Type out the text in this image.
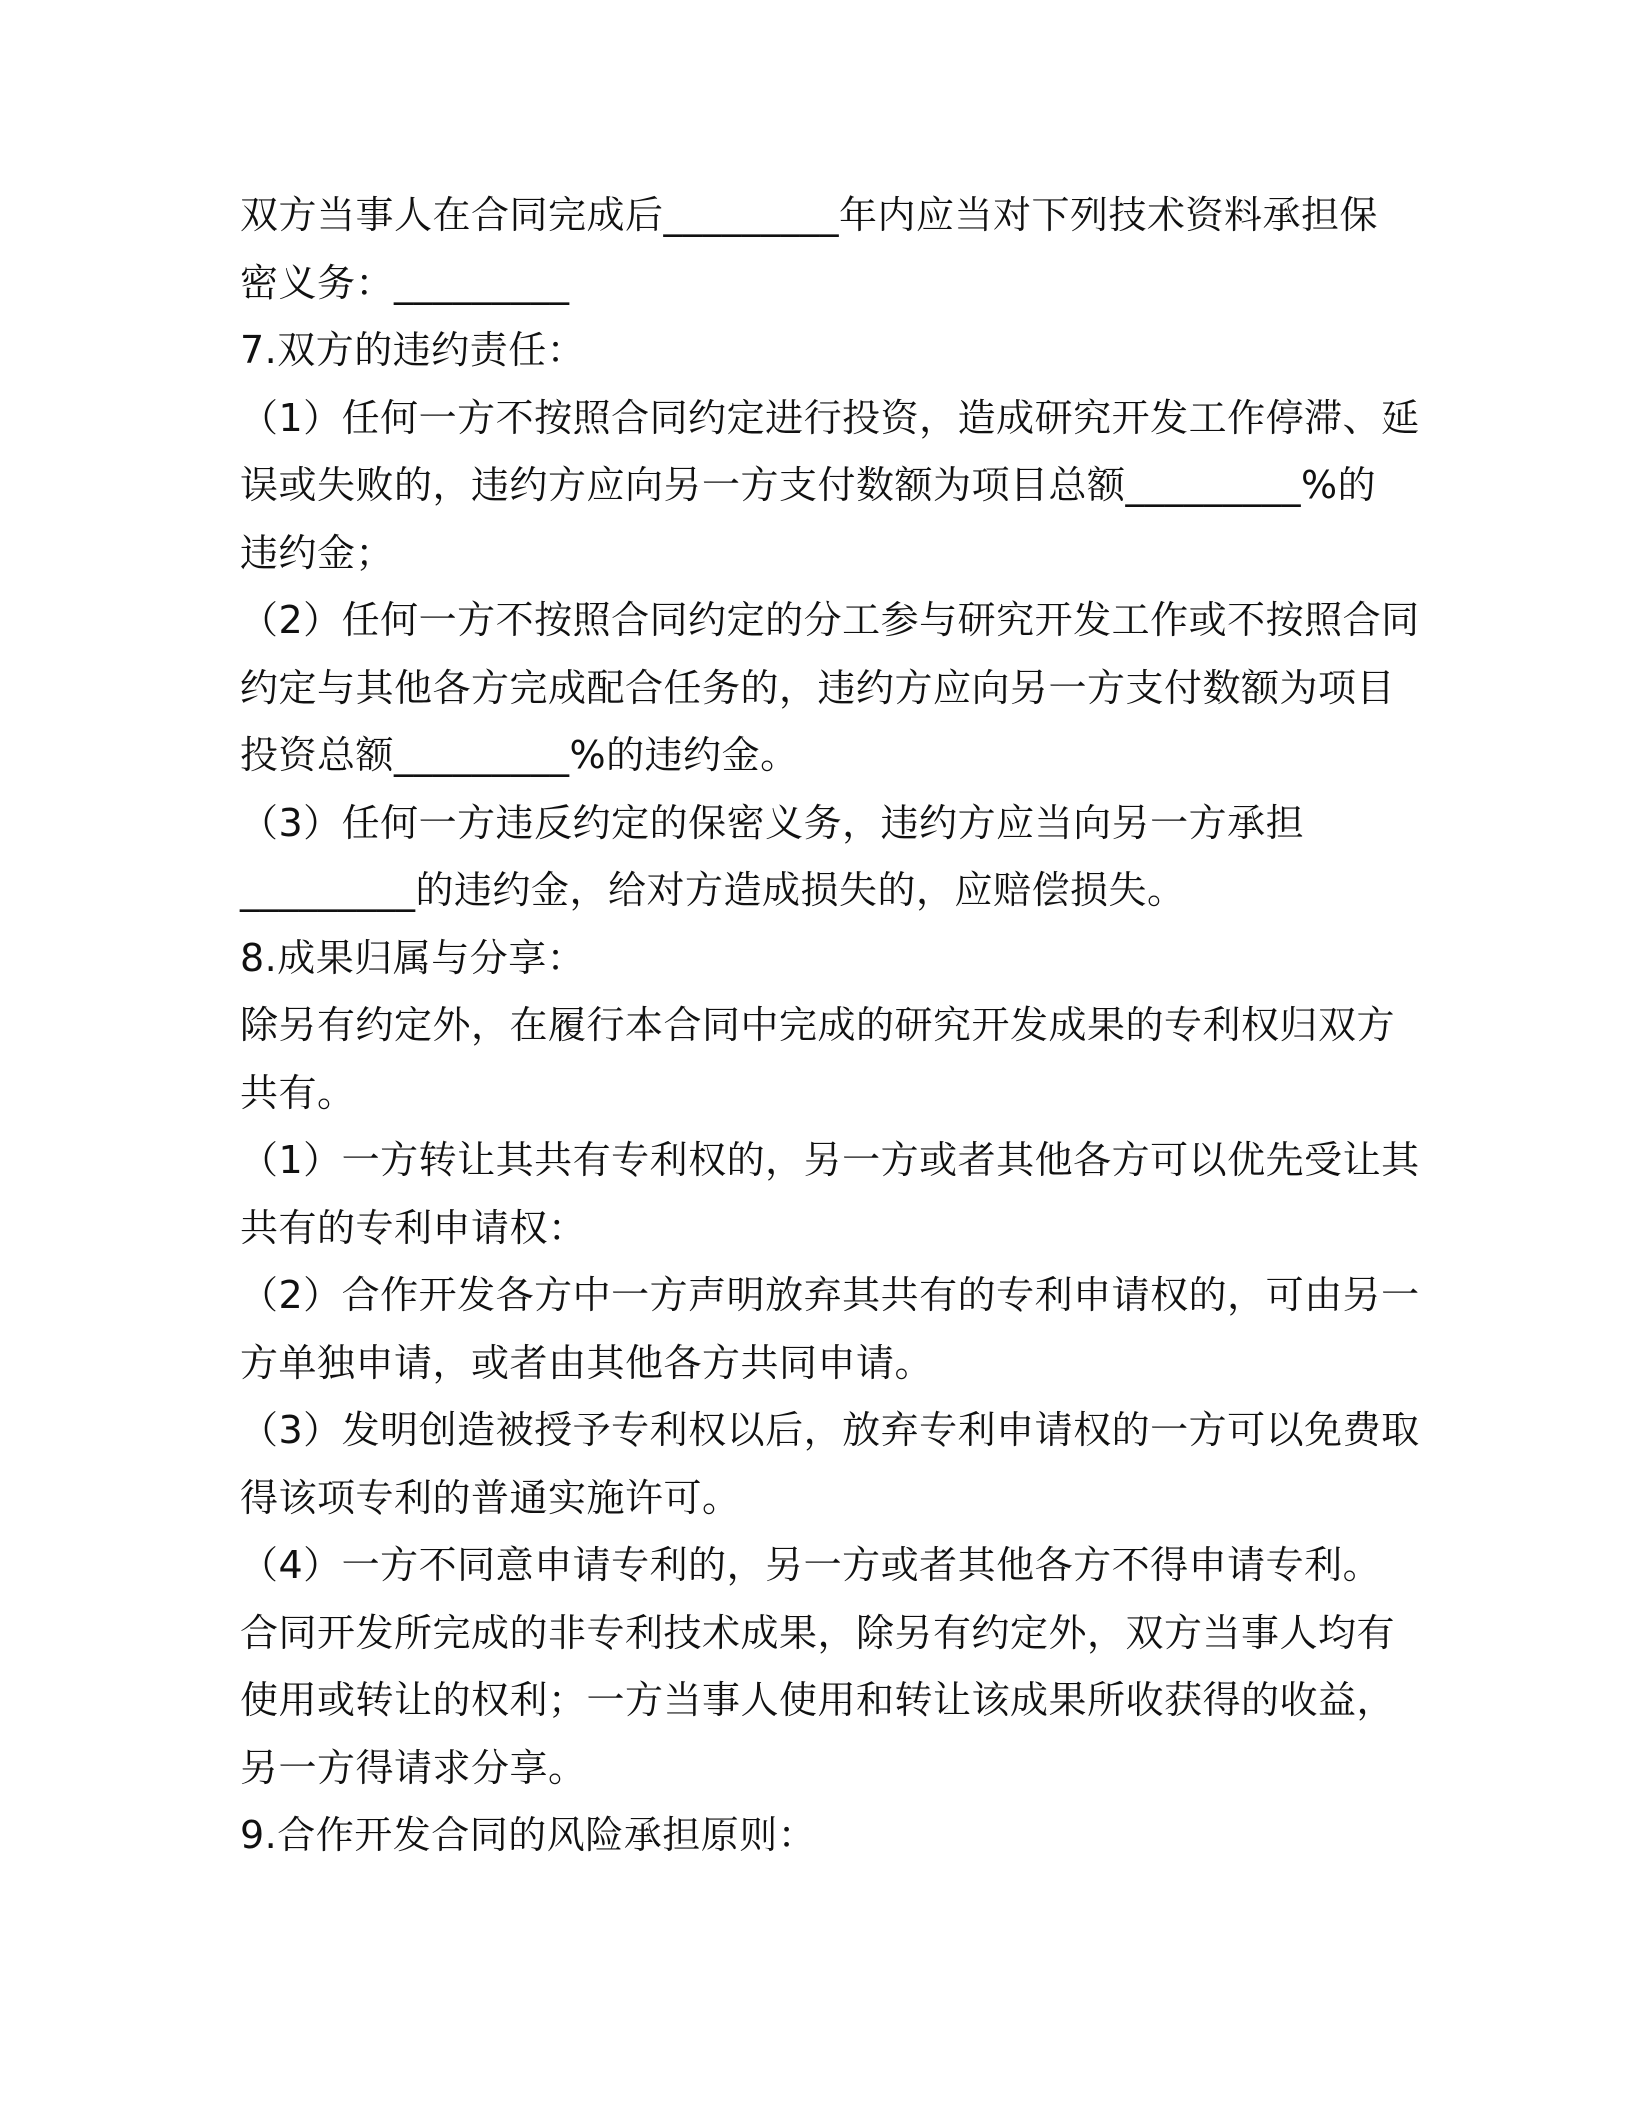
双方当事人在合同完成后_________年内应当对下列技术资料承担保
密义务：_________
7.双方的违约责任：
（1）任何一方不按照合同约定进行投资，造成研究开发工作停滞、延
误或失败的，违约方应向另一方支付数额为项目总额_________%的
违约金；
（2）任何一方不按照合同约定的分工参与研究开发工作或不按照合同
约定与其他各方完成配合任务的，违约方应向另一方支付数额为项目
投资总额_________%的违约金。
（3）任何一方违反约定的保密义务，违约方应当向另一方承担
_________的违约金，给对方造成损失的，应赔偿损失。
8.成果归属与分享：
除另有约定外，在履行本合同中完成的研究开发成果的专利权归双方
共有。
（1）一方转让其共有专利权的，另一方或者其他各方可以优先受让其
共有的专利申请权：
（2）合作开发各方中一方声明放弃其共有的专利申请权的，可由另一
方单独申请，或者由其他各方共同申请。
（3）发明创造被授予专利权以后，放弃专利申请权的一方可以免费取
得该项专利的普通实施许可。
（4）一方不同意申请专利的，另一方或者其他各方不得申请专利。
合同开发所完成的非专利技术成果，除另有约定外，双方当事人均有
使用或转让的权利；一方当事人使用和转让该成果所收获得的收益，
另一方得请求分享。
9.合作开发合同的风险承担原则：
